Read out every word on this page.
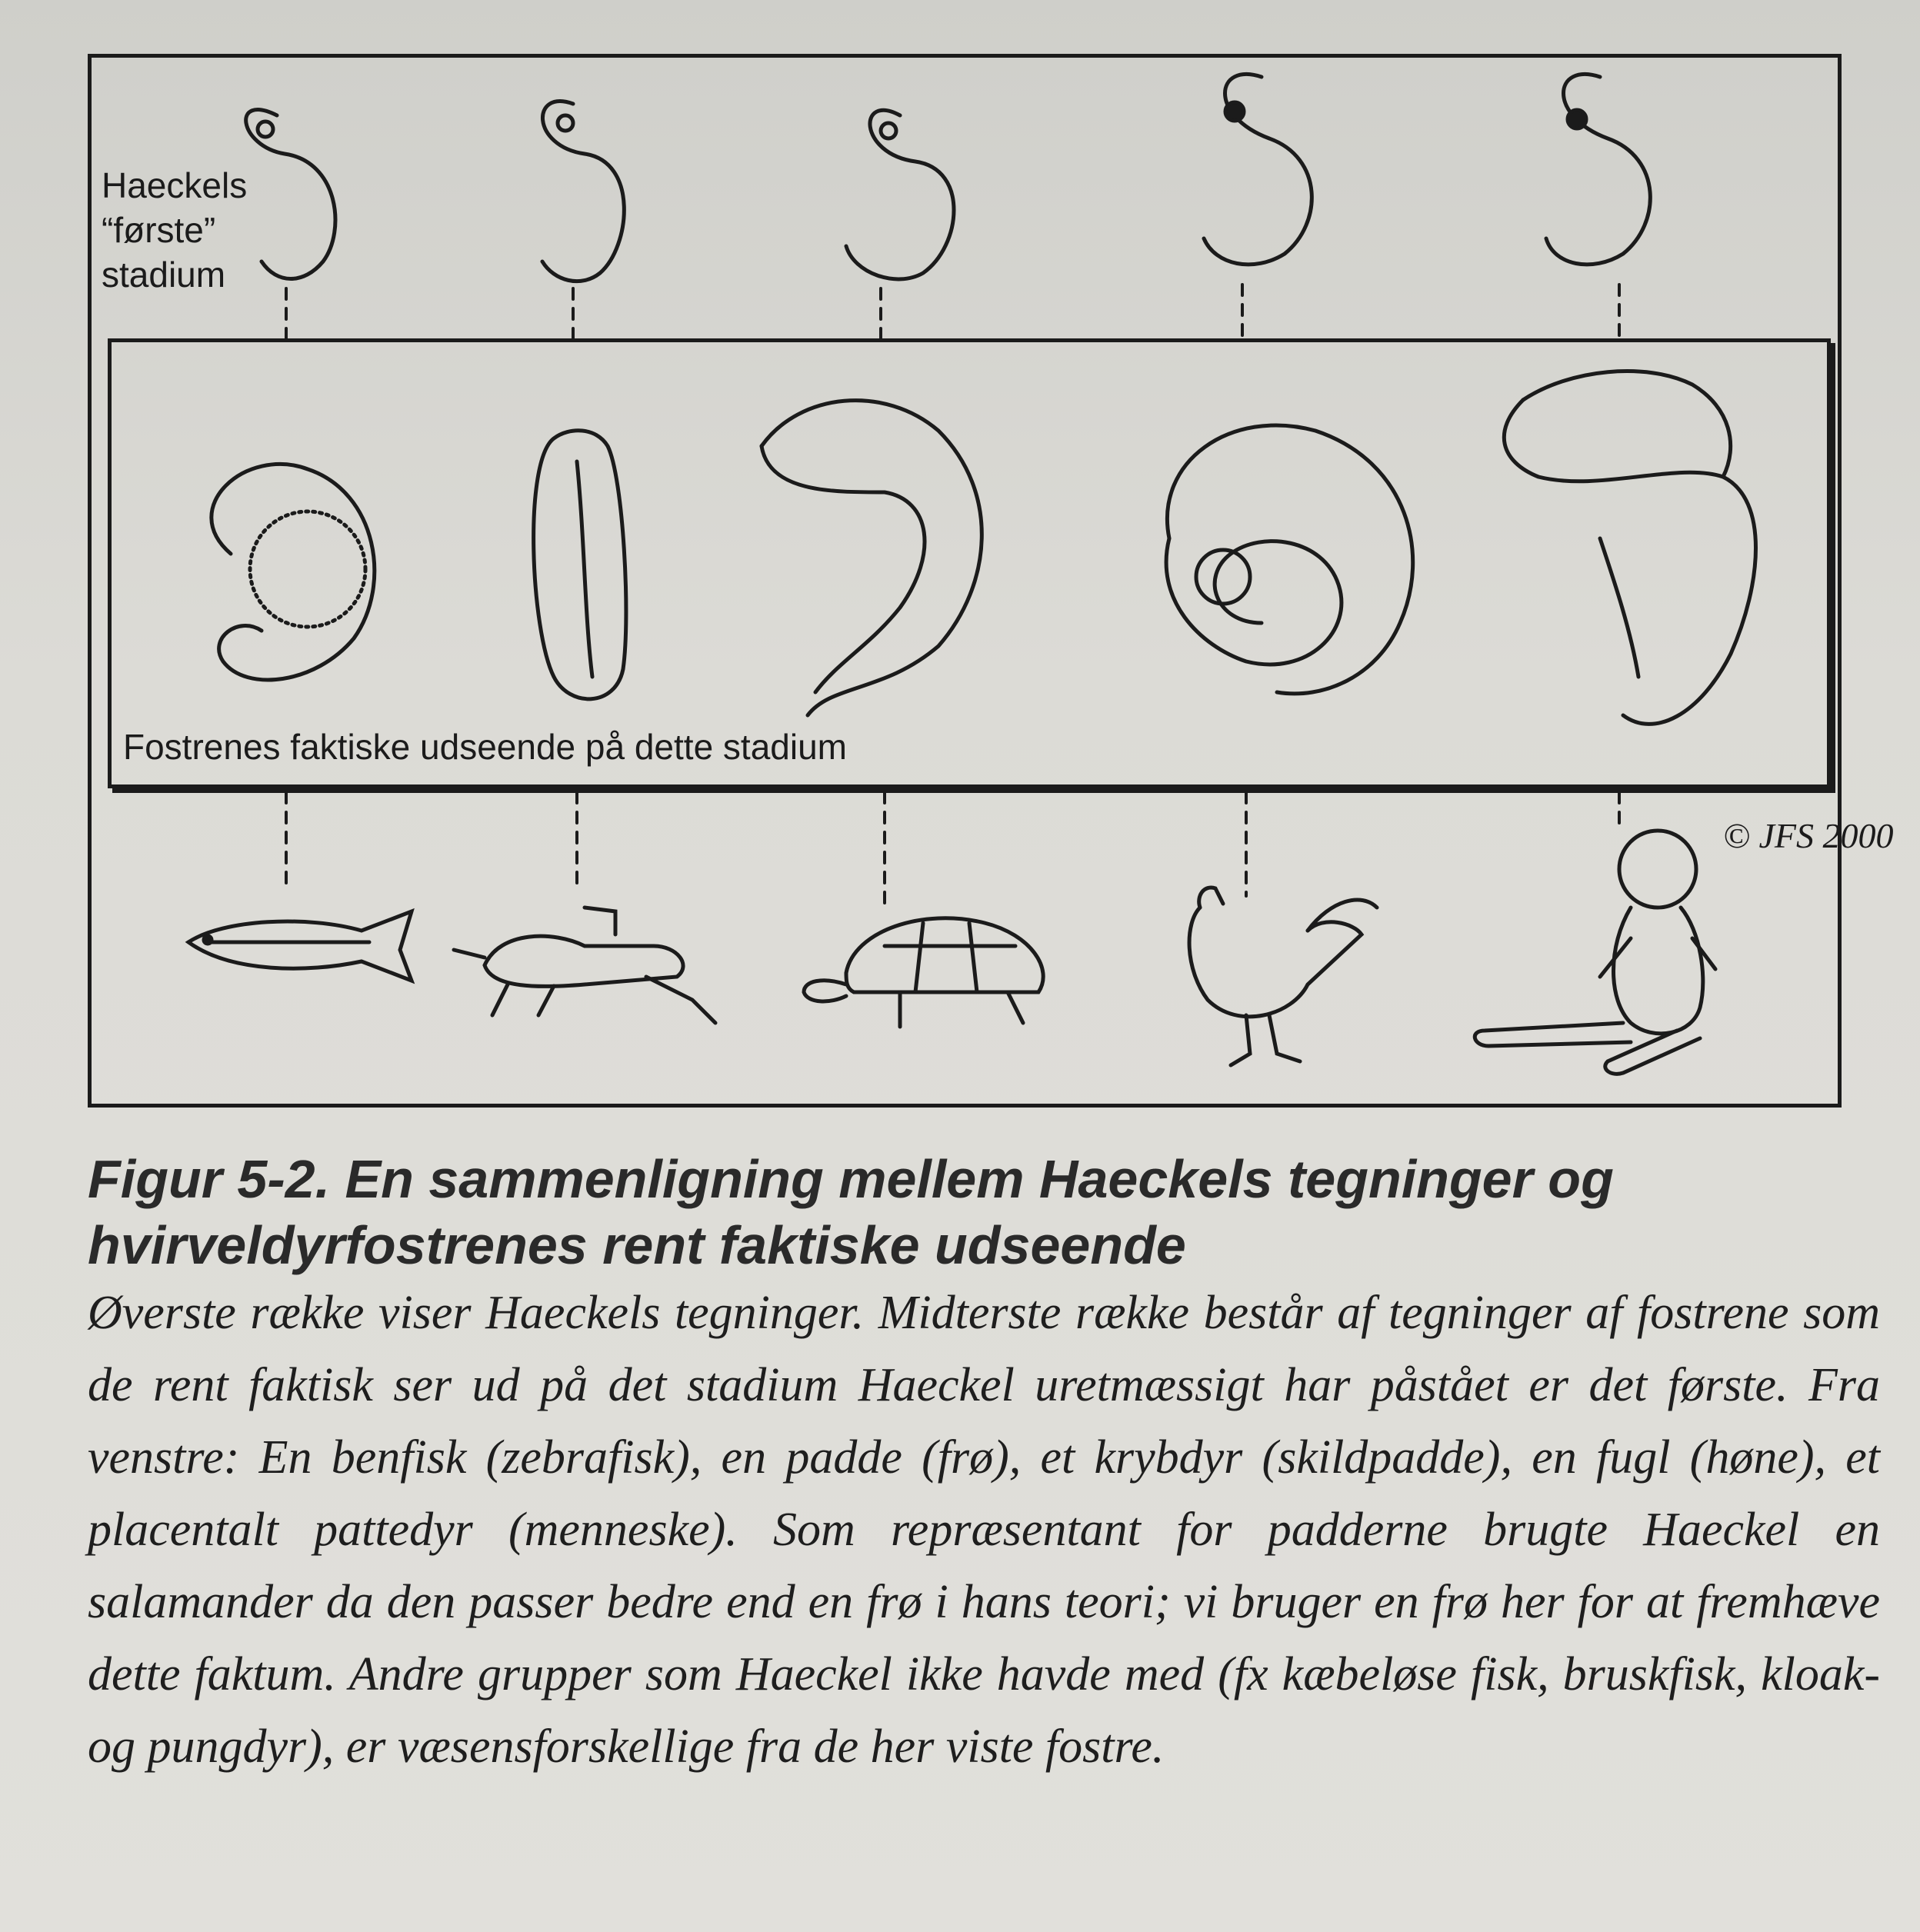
Haeckels
“første”
stadium
Fostrenes faktiske udseende på dette stadium
© JFS 2000
Figur 5-2. En sammenligning mellem Haeckels tegninger og
hvirveldyrfostrenes rent faktiske udseende
Øverste række viser Haeckels tegninger. Midterste række består af tegninger af fostrene som de rent faktisk ser ud på det stadium Haeckel uretmæssigt har påstået er det første. Fra venstre: En benfisk (zebrafisk), en padde (frø), et krybdyr (skildpadde), en fugl (høne), et placentalt pattedyr (menneske). Som repræsentant for padderne brugte Haeckel en salamander da den passer bedre end en frø i hans teori; vi bruger en frø her for at fremhæve dette faktum. Andre grupper som Haeckel ikke havde med (fx kæbeløse fisk, bruskfisk, kloak- og pungdyr), er væsensforskellige fra de her viste fostre.
